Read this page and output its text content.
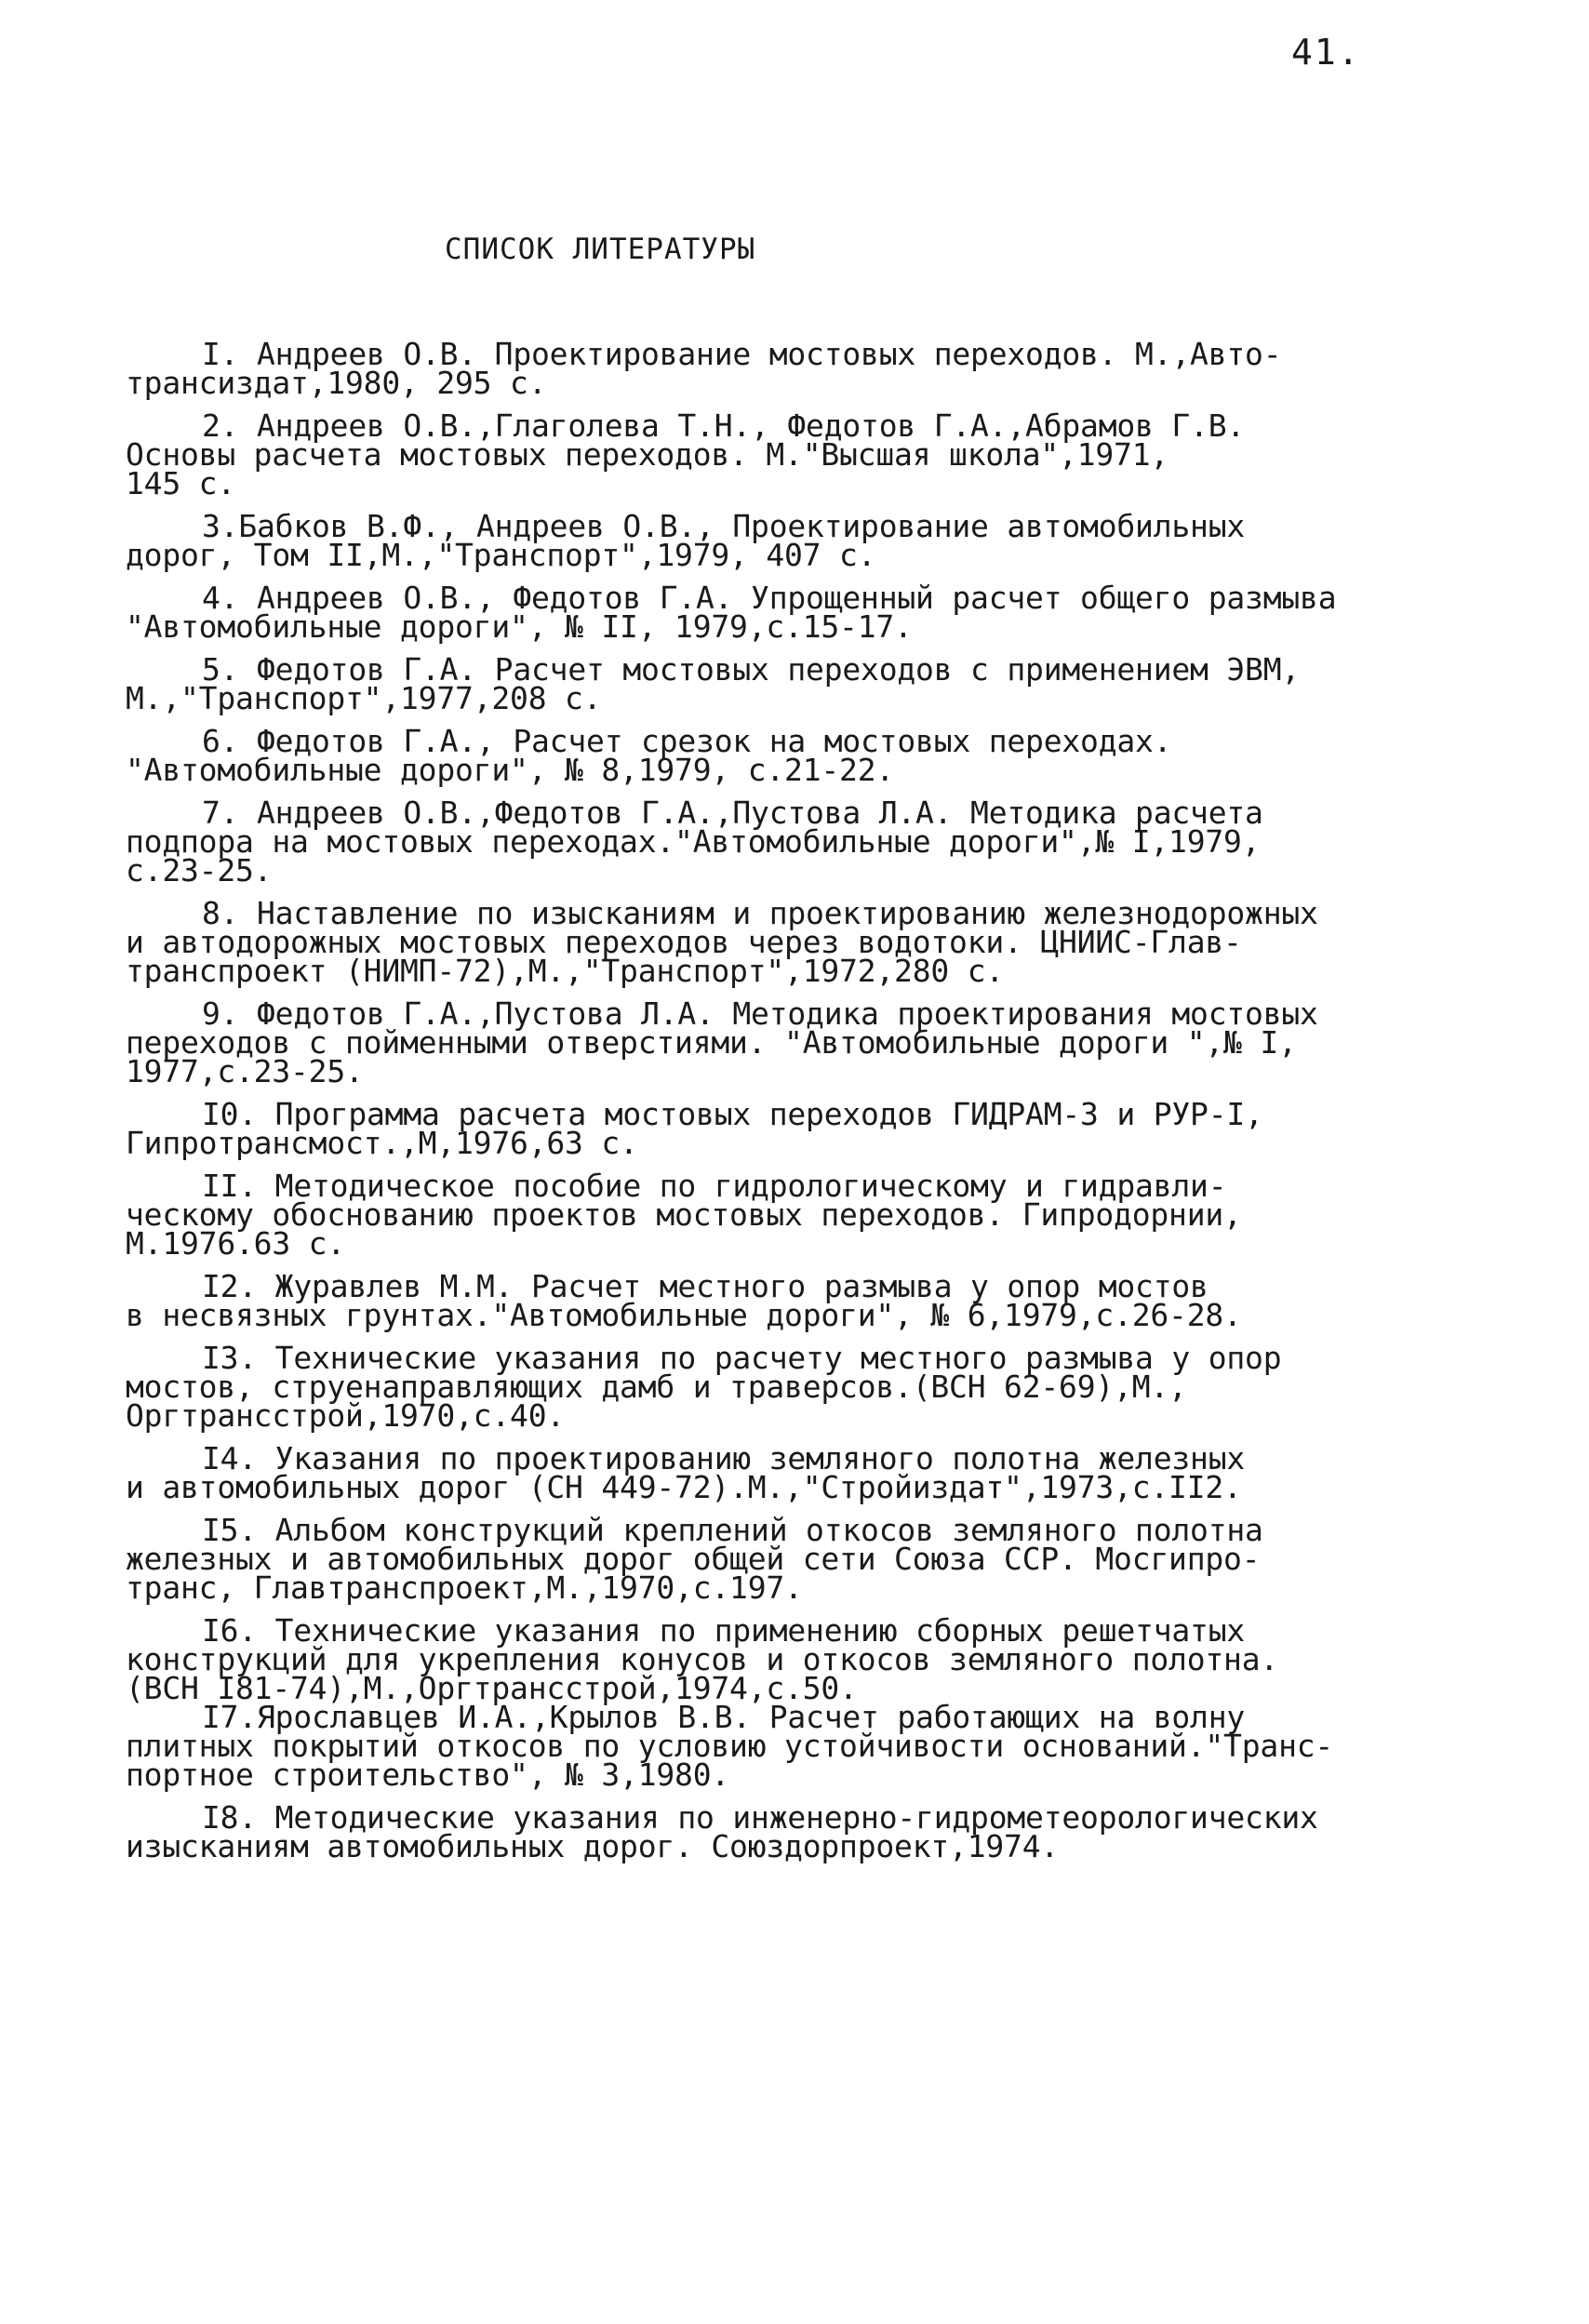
41.
СПИСОК ЛИТЕРАТУРЫ
I. Андреев О.В. Проектирование мостовых переходов. М.,Авто-
трансиздат,1980, 295 с.
2. Андреев О.В.,Глаголева Т.Н., Федотов Г.А.,Абрамов Г.В.
Основы расчета мостовых переходов. М."Высшая школа",1971,
145 с.
3.Бабков В.Ф., Андреев О.В., Проектирование автомобильных
дорог, Том II,М.,"Транспорт",1979, 407 с.
4. Андреев О.В., Федотов Г.А. Упрощенный расчет общего размыва
"Автомобильные дороги", № II, 1979,с.15-17.
5. Федотов Г.А. Расчет мостовых переходов с применением ЭВМ,
М.,"Транспорт",1977,208 с.
6. Федотов Г.А., Расчет срезок на мостовых переходах.
"Автомобильные дороги", № 8,1979, с.21-22.
7. Андреев О.В.,Федотов Г.А.,Пустова Л.А. Методика расчета
подпора на мостовых переходах."Автомобильные дороги",№ I,1979,
с.23-25.
8. Наставление по изысканиям и проектированию железнодорожных
и автодорожных мостовых переходов через водотоки. ЦНИИС-Глав-
транспроект (НИМП-72),М.,"Транспорт",1972,280 с.
9. Федотов Г.А.,Пустова Л.А. Методика проектирования мостовых
переходов с пойменными отверстиями. "Автомобильные дороги ",№ I,
1977,с.23-25.
I0. Программа расчета мостовых переходов ГИДРАМ-3 и РУР-I,
Гипротрансмост.,М,1976,63 с.
II. Методическое пособие по гидрологическому и гидравли-
ческому обоснованию проектов мостовых переходов. Гипродорнии,
М.1976.63 с.
I2. Журавлев М.М. Расчет местного размыва у опор мостов
в несвязных грунтах."Автомобильные дороги", № 6,1979,с.26-28.
I3. Технические указания по расчету местного размыва у опор
мостов, струенаправляющих дамб и траверсов.(ВСН 62-69),М.,
Оргтрансстрой,1970,с.40.
I4. Указания по проектированию земляного полотна железных
и автомобильных дорог (СН 449-72).М.,"Стройиздат",1973,с.II2.
I5. Альбом конструкций креплений откосов земляного полотна
железных и автомобильных дорог общей сети Союза ССР. Мосгипро-
транс, Главтранспроект,М.,1970,с.197.
I6. Технические указания по применению сборных решетчатых
конструкций для укрепления конусов и откосов земляного полотна.
(ВСН I81-74),М.,Оргтрансстрой,1974,с.50.
I7.Ярославцев И.А.,Крылов В.В. Расчет работающих на волну
плитных покрытий откосов по условию устойчивости оснований."Транс-
портное строительство", № 3,1980.
I8. Методические указания по инженерно-гидрометеорологических
изысканиям автомобильных дорог. Союздорпроект,1974.
